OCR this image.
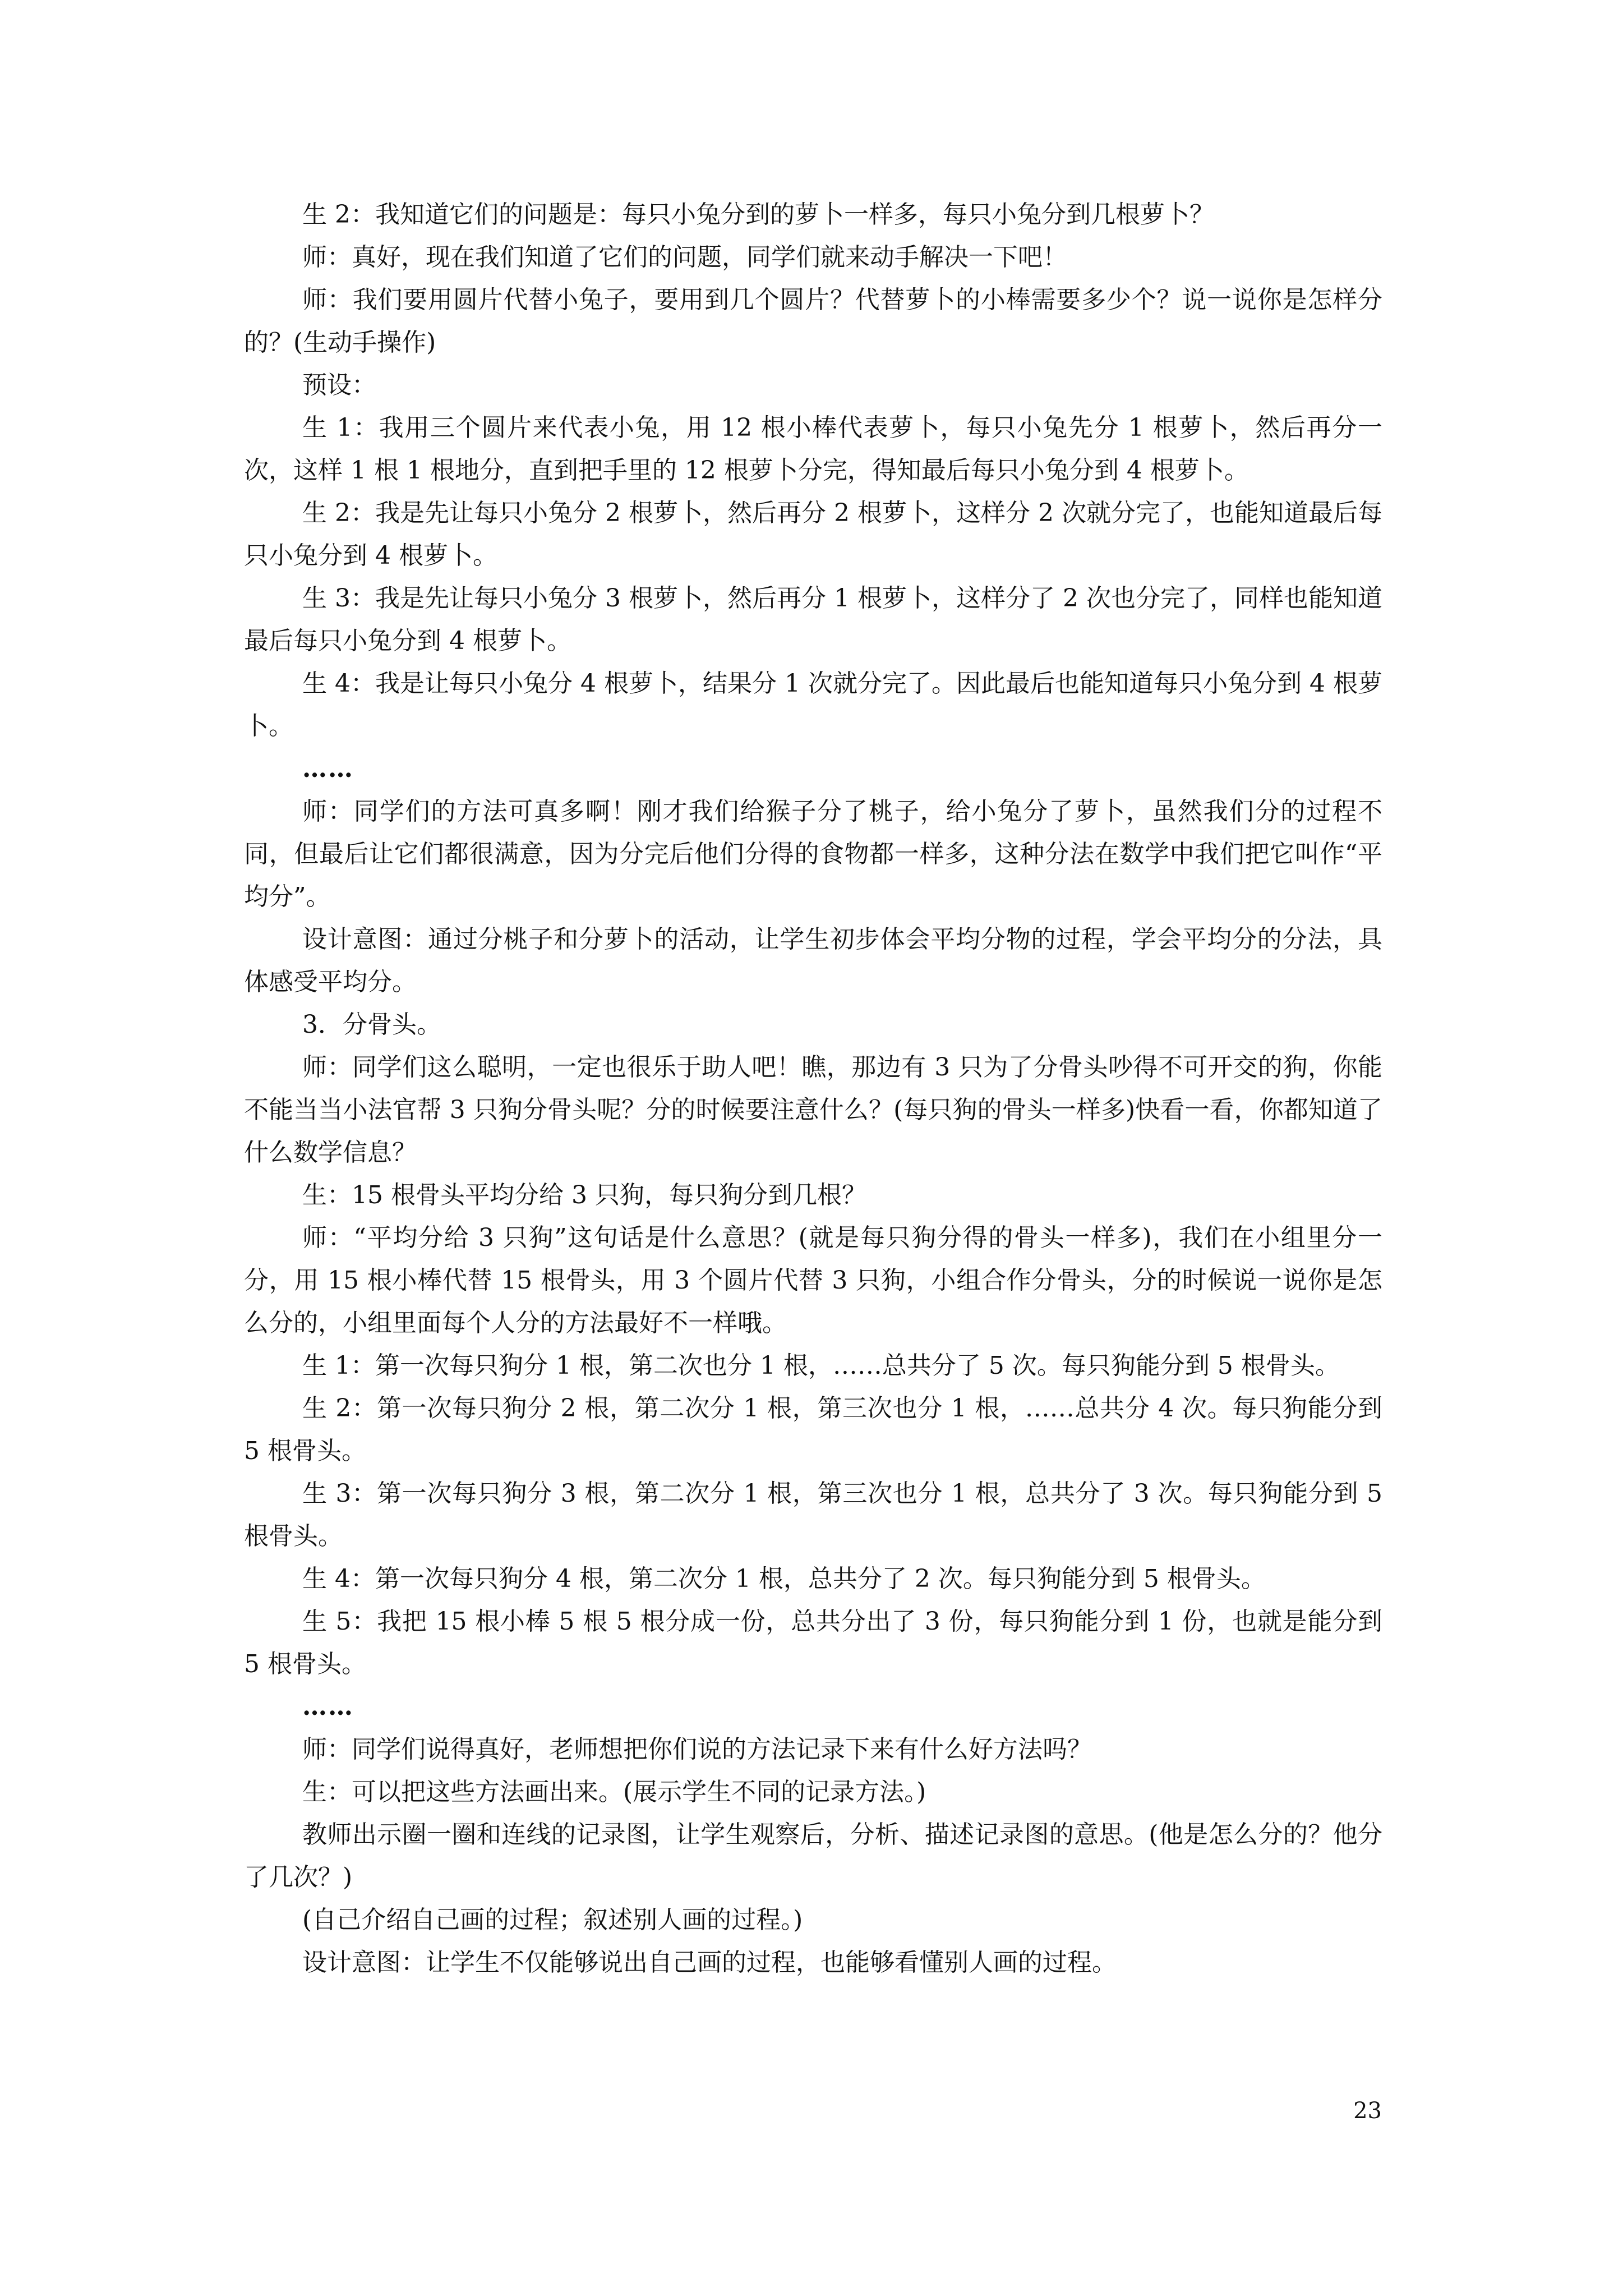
生 2：我知道它们的问题是：每只小兔分到的萝卜一样多，每只小兔分到几根萝卜？

师：真好，现在我们知道了它们的问题，同学们就来动手解决一下吧！

师：我们要用圆片代替小兔子，要用到几个圆片？代替萝卜的小棒需要多少个？说一说你是怎样分的？(生动手操作)

预设：

生 1：我用三个圆片来代表小兔，用 12 根小棒代表萝卜，每只小兔先分 1 根萝卜，然后再分一次，这样 1 根 1 根地分，直到把手里的 12 根萝卜分完，得知最后每只小兔分到 4 根萝卜。

生 2：我是先让每只小兔分 2 根萝卜，然后再分 2 根萝卜，这样分 2 次就分完了，也能知道最后每只小兔分到 4 根萝卜。

生 3：我是先让每只小兔分 3 根萝卜，然后再分 1 根萝卜，这样分了 2 次也分完了，同样也能知道最后每只小兔分到 4 根萝卜。

生 4：我是让每只小兔分 4 根萝卜，结果分 1 次就分完了。因此最后也能知道每只小兔分到 4 根萝卜。

……

师：同学们的方法可真多啊！刚才我们给猴子分了桃子，给小兔分了萝卜，虽然我们分的过程不同，但最后让它们都很满意，因为分完后他们分得的食物都一样多，这种分法在数学中我们把它叫作“平均分”。

设计意图：通过分桃子和分萝卜的活动，让学生初步体会平均分物的过程，学会平均分的分法，具体感受平均分。

3．分骨头。

师：同学们这么聪明，一定也很乐于助人吧！瞧，那边有 3 只为了分骨头吵得不可开交的狗，你能不能当当小法官帮 3 只狗分骨头呢？分的时候要注意什么？(每只狗的骨头一样多)快看一看，你都知道了什么数学信息？

生：15 根骨头平均分给 3 只狗，每只狗分到几根？

师：“平均分给 3 只狗”这句话是什么意思？(就是每只狗分得的骨头一样多)，我们在小组里分一分，用 15 根小棒代替 15 根骨头，用 3 个圆片代替 3 只狗，小组合作分骨头，分的时候说一说你是怎么分的，小组里面每个人分的方法最好不一样哦。

生 1：第一次每只狗分 1 根，第二次也分 1 根，……总共分了 5 次。每只狗能分到 5 根骨头。

生 2：第一次每只狗分 2 根，第二次分 1 根，第三次也分 1 根，……总共分 4 次。每只狗能分到 5 根骨头。

生 3：第一次每只狗分 3 根，第二次分 1 根，第三次也分 1 根，总共分了 3 次。每只狗能分到 5 根骨头。

生 4：第一次每只狗分 4 根，第二次分 1 根，总共分了 2 次。每只狗能分到 5 根骨头。

生 5：我把 15 根小棒 5 根 5 根分成一份，总共分出了 3 份，每只狗能分到 1 份，也就是能分到 5 根骨头。

……

师：同学们说得真好，老师想把你们说的方法记录下来有什么好方法吗？

生：可以把这些方法画出来。(展示学生不同的记录方法。)

教师出示圈一圈和连线的记录图，让学生观察后，分析、描述记录图的意思。(他是怎么分的？他分了几次？)

(自己介绍自己画的过程；叙述别人画的过程。)

设计意图：让学生不仅能够说出自己画的过程，也能够看懂别人画的过程。

23
